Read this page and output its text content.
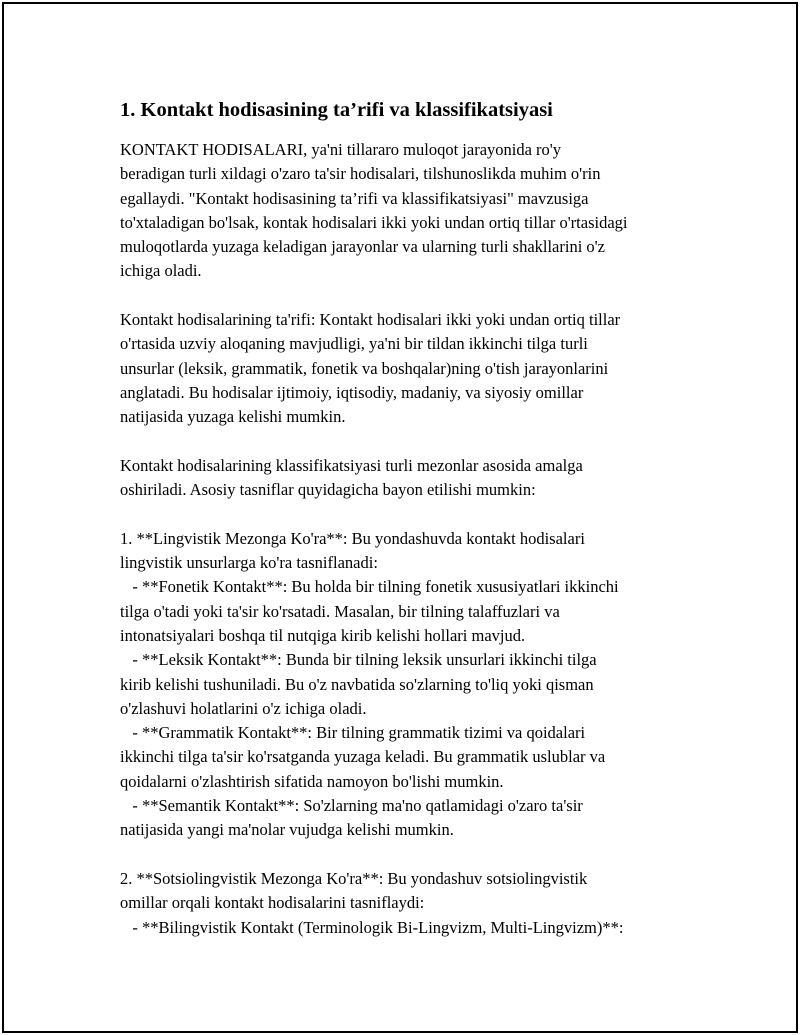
1. Kontakt hodisasining ta’rifi va klassifikatsiyasi
KONTAKT HODISALARI, ya'ni tillararo muloqot jarayonida ro'y
beradigan turli xildagi o'zaro ta'sir hodisalari, tilshunoslikda muhim o'rin
egallaydi. "Kontakt hodisasining ta’rifi va klassifikatsiyasi" mavzusiga
to'xtaladigan bo'lsak, kontak hodisalari ikki yoki undan ortiq tillar o'rtasidagi
muloqotlarda yuzaga keladigan jarayonlar va ularning turli shakllarini o'z
ichiga oladi.
Kontakt hodisalarining ta'rifi: Kontakt hodisalari ikki yoki undan ortiq tillar
o'rtasida uzviy aloqaning mavjudligi, ya'ni bir tildan ikkinchi tilga turli
unsurlar (leksik, grammatik, fonetik va boshqalar)ning o'tish jarayonlarini
anglatadi. Bu hodisalar ijtimoiy, iqtisodiy, madaniy, va siyosiy omillar
natijasida yuzaga kelishi mumkin.
Kontakt hodisalarining klassifikatsiyasi turli mezonlar asosida amalga
oshiriladi. Asosiy tasniflar quyidagicha bayon etilishi mumkin:
1. **Lingvistik Mezonga Ko'ra**: Bu yondashuvda kontakt hodisalari
lingvistik unsurlarga ko'ra tasniflanadi:
- **Fonetik Kontakt**: Bu holda bir tilning fonetik xususiyatlari ikkinchi
tilga o'tadi yoki ta'sir ko'rsatadi. Masalan, bir tilning talaffuzlari va
intonatsiyalari boshqa til nutqiga kirib kelishi hollari mavjud.
- **Leksik Kontakt**: Bunda bir tilning leksik unsurlari ikkinchi tilga
kirib kelishi tushuniladi. Bu o'z navbatida so'zlarning to'liq yoki qisman
o'zlashuvi holatlarini o'z ichiga oladi.
- **Grammatik Kontakt**: Bir tilning grammatik tizimi va qoidalari
ikkinchi tilga ta'sir ko'rsatganda yuzaga keladi. Bu grammatik uslublar va
qoidalarni o'zlashtirish sifatida namoyon bo'lishi mumkin.
- **Semantik Kontakt**: So'zlarning ma'no qatlamidagi o'zaro ta'sir
natijasida yangi ma'nolar vujudga kelishi mumkin.
2. **Sotsiolingvistik Mezonga Ko'ra**: Bu yondashuv sotsiolingvistik
omillar orqali kontakt hodisalarini tasniflaydi:
- **Bilingvistik Kontakt (Terminologik Bi-Lingvizm, Multi-Lingvizm)**:
